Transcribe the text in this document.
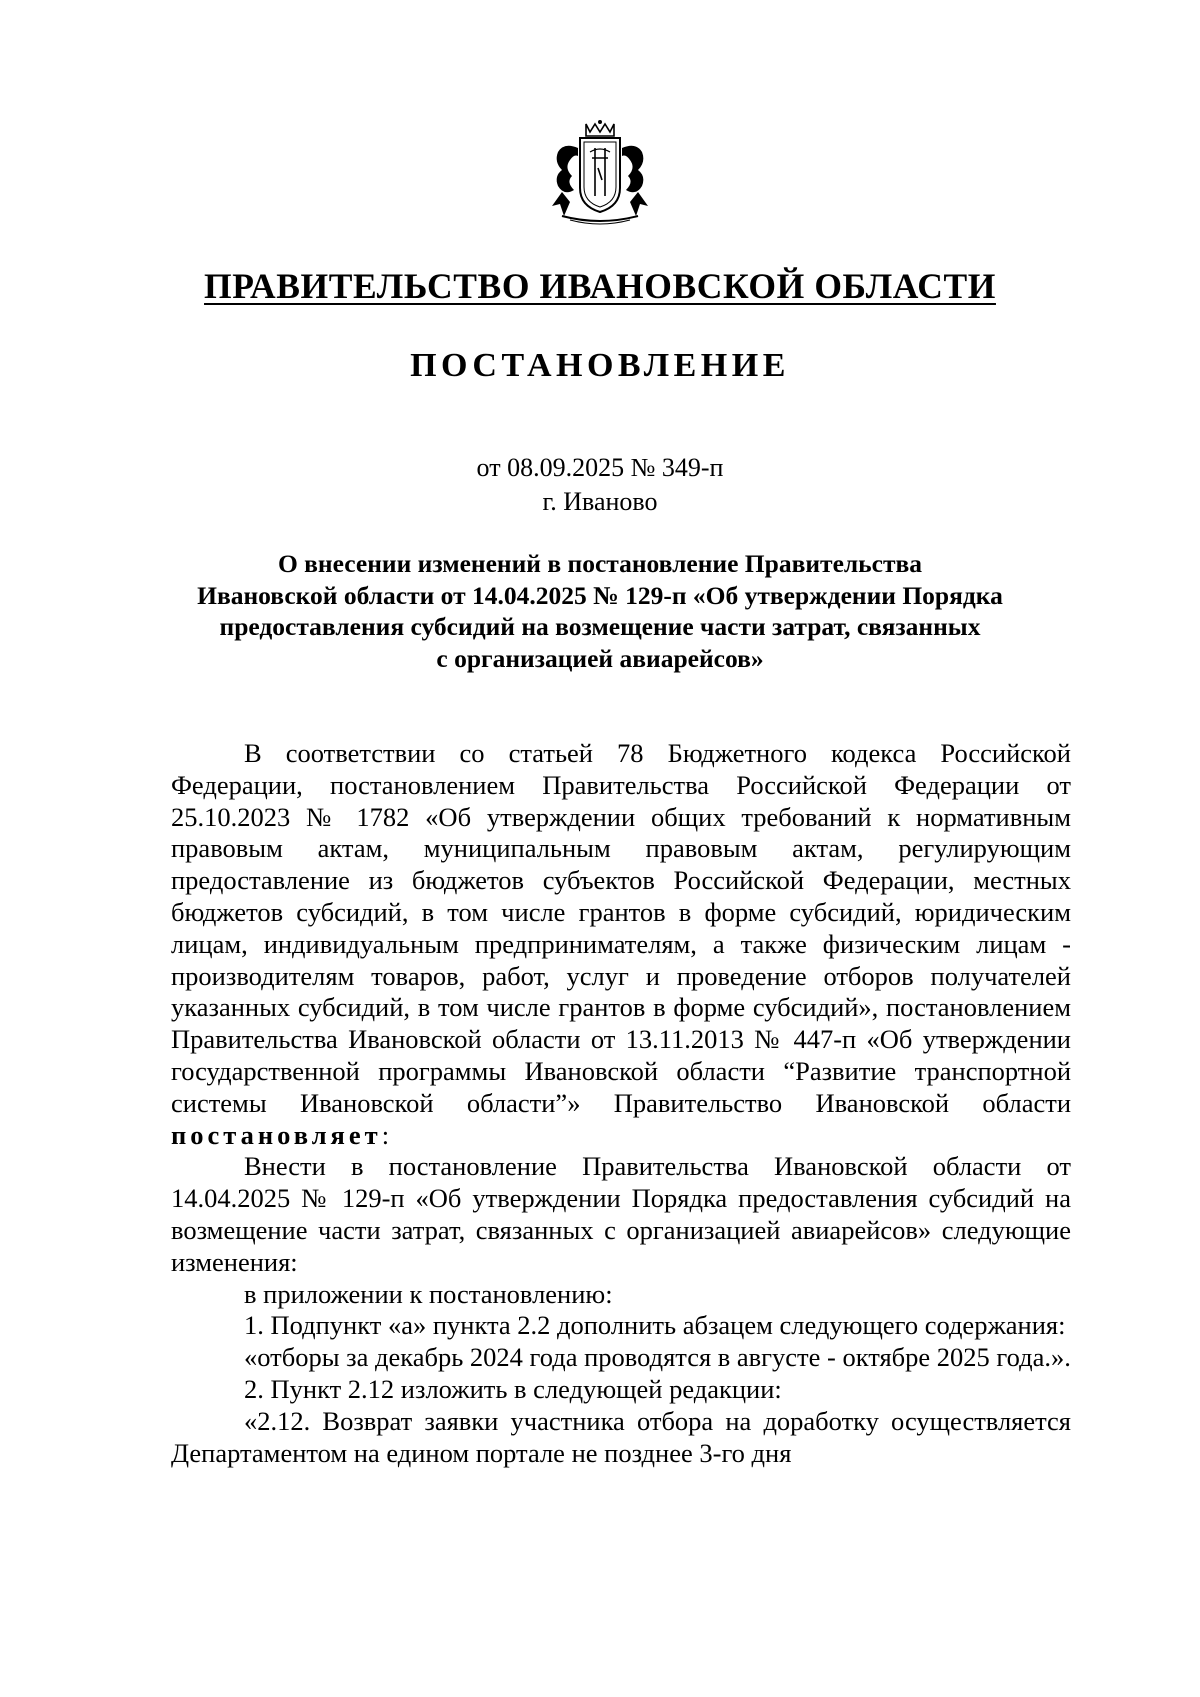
ПРАВИТЕЛЬСТВО ИВАНОВСКОЙ ОБЛАСТИ
ПОСТАНОВЛЕНИЕ
от 08.09.2025 № 349-п
г. Иваново
О внесении изменений в постановление Правительства
Ивановской области от 14.04.2025 № 129-п «Об утверждении Порядка
предоставления субсидий на возмещение части затрат, связанных
с организацией авиарейсов»

В соответствии со статьей 78 Бюджетного кодекса Российской Федерации, постановлением Правительства Российской Федерации от 25.10.2023 № 1782 «Об утверждении общих требований к нормативным правовым актам, муниципальным правовым актам, регулирующим предоставление из бюджетов субъектов Российской Федерации, местных бюджетов субсидий, в том числе грантов в форме субсидий, юридическим лицам, индивидуальным предпринимателям, а также физическим лицам - производителям товаров, работ, услуг и проведение отборов получателей указанных субсидий, в том числе грантов в форме субсидий», постановлением Правительства Ивановской области от 13.11.2013 № 447-п «Об утверждении государственной программы Ивановской области “Развитие транспортной системы Ивановской области”» Правительство Ивановской области постановляет:

Внести в постановление Правительства Ивановской области от 14.04.2025 № 129-п «Об утверждении Порядка предоставления субсидий на возмещение части затрат, связанных с организацией авиарейсов» следующие изменения:

в приложении к постановлению:

1. Подпункт «а» пункта 2.2 дополнить абзацем следующего содержания:

«отборы за декабрь 2024 года проводятся в августе - октябре 2025 года.».

2. Пункт 2.12 изложить в следующей редакции:

«2.12. Возврат заявки участника отбора на доработку осуществляется Департаментом на едином портале не позднее 3-го дня
